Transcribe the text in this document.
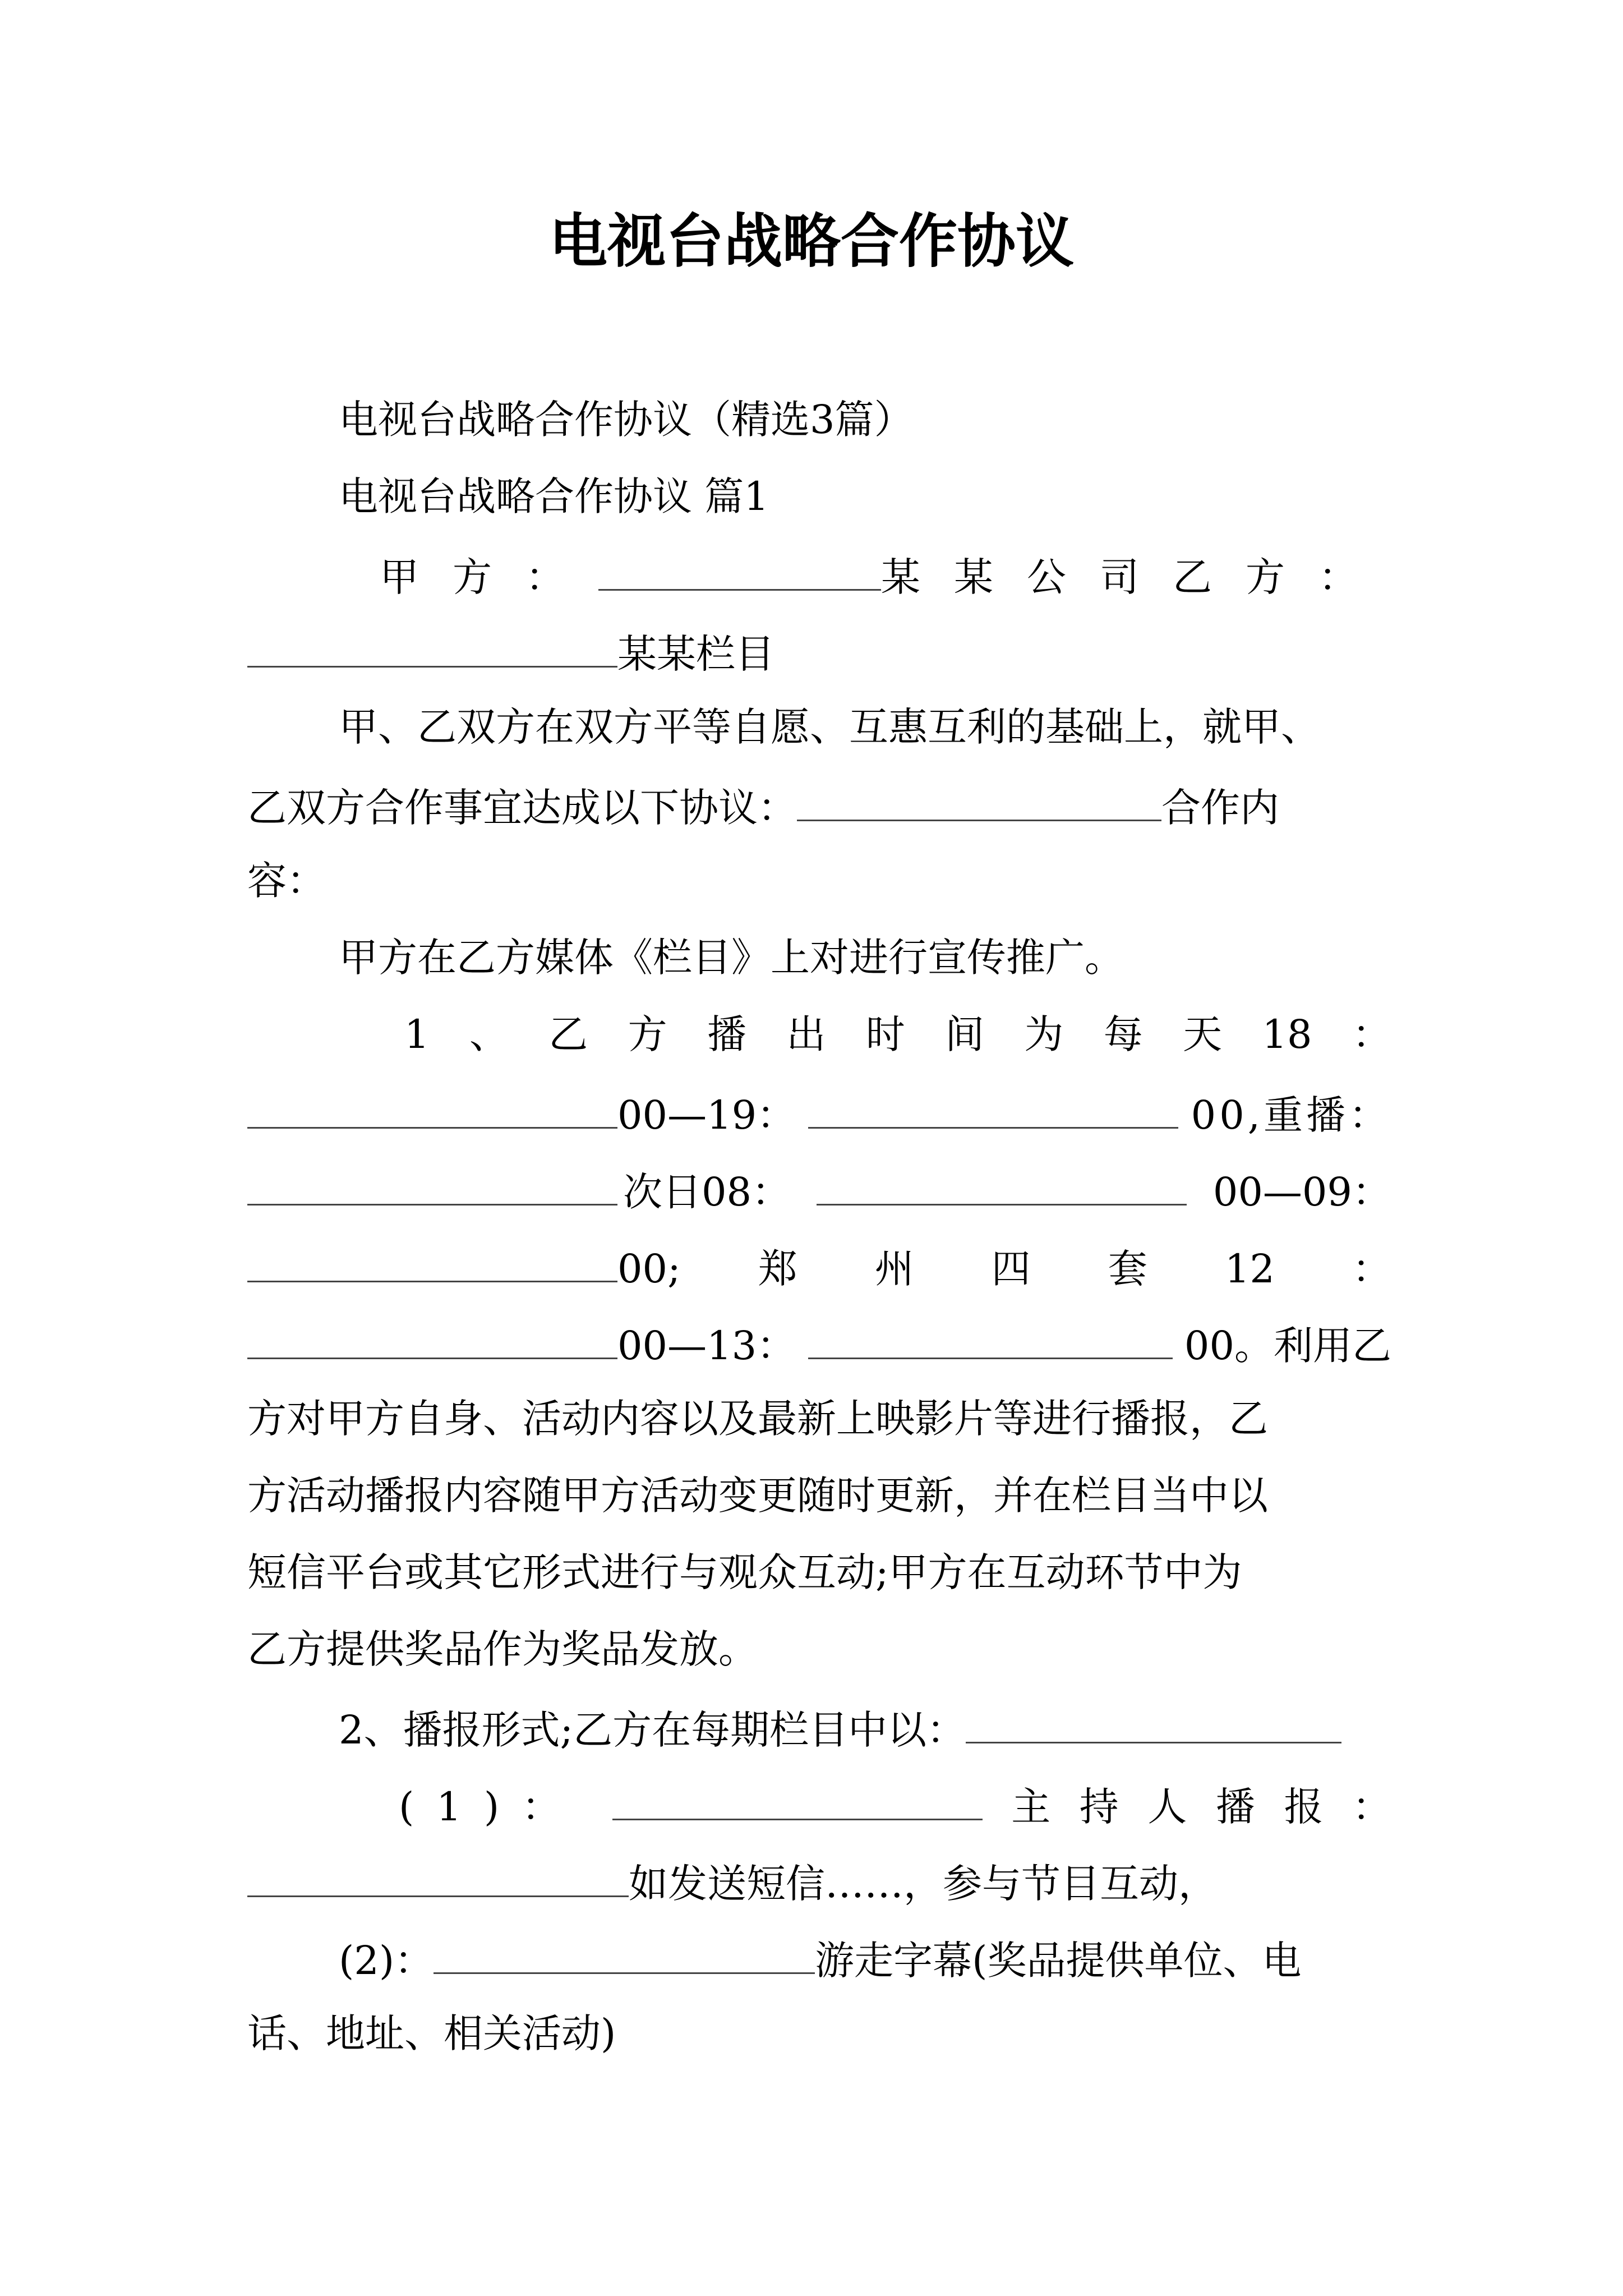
电视台战略合作协议
电视台战略合作协议（精选3篇）
电视台战略合作协议 篇1
甲方：	某某公司乙方：
某某栏目
甲、乙双方在双方平等自愿、互惠互利的基础上，就甲、
乙双方合作事宜达成以下协议：	合作内
容：
甲方在乙方媒体《栏目》上对进行宣传推广。
1 、 乙 方 播 出 时 间 为 每 天 18 ：
00—19：	00,重播：
次日08：	00—09：
00; 郑 州 四 套 12 ：
00—13：	00。利用乙
方对甲方自身、活动内容以及最新上映影片等进行播报，乙
方活动播报内容随甲方活动变更随时更新，并在栏目当中以
短信平台或其它形式进行与观众互动;甲方在互动环节中为
乙方提供奖品作为奖品发放。
2、播报形式;乙方在每期栏目中以：
(1)：	主 持 人 播 报 ：
如发送短信……，参与节目互动，
(2)：	游走字幕(奖品提供单位、电
话、地址、相关活动)
